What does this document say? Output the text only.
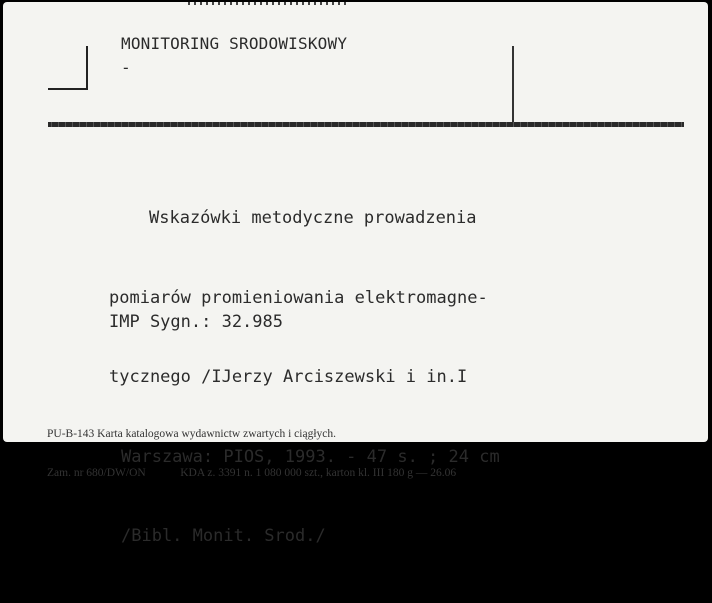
MONITORING SRODOWISKOWY
-

Wskazówki metodyczne prowadzenia

pomiarów promieniowania elektromagne-

tycznego /IJerzy Arciszewski i in.I

Warszawa: PIOS, 1993. - 47 s. ; 24 cm

/Bibl. Monit. Srod./

IMP Sygn.: 32.985

PU-B-143 Karta katalogowa wydawnictw zwartych i ciągłych.

Zam. nr 680/DW/ON	KDA z. 3391 n. 1 080 000 szt., karton kl. III 180 g — 26.06
